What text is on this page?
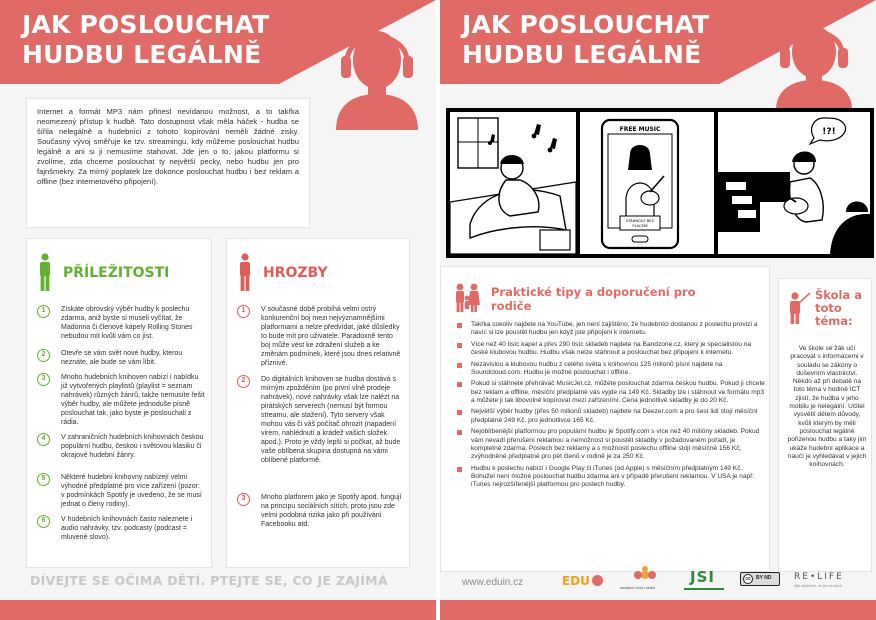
JAK POSLOUCHAT
HUDBU LEGÁLNĚ

Internet a formát MP3 nám přinesl nevídanou možnost, a to takřka neomezený přístup k hudbě. Tato dostupnost však měla háček - hudba se šířila nelegálně a hudebníci z tohoto kopírování neměli žádné zisky. Současný vývoj směřuje ke tzv. streamingu, kdy můžeme poslouchat hudbu legálně a ani si ji nemusíme stahovat. Jde jen o to, jakou platformu si zvolíme, zda chceme poslouchat ty největší pecky, nebo hudbu jen pro fajnšmekry. Za mírný poplatek lze dokonce poslouchat hudbu i bez reklam a offline (bez internetového připojení).

PŘÍLEŽITOSTI
1	Získáte obrovský výběr hudby k poslechu zdarma, aniž byste si museli vyčítat, že Madonna či členové kapely Rolling Stones nebudou mít kvůli vám co jíst.
2	Otevře se vám svět nové hudby, kterou neznáte, ale bude se vám líbit.
3	Mnoho hudebních knihoven nabízí i nabídku již vytvořených playlistů (playlist = seznam nahrávek) různých žánrů, takže nemusíte řešit výběr hudby, ale můžete jednoduše písně poslouchat tak, jako byste je poslouchali z rádia.
4	V zahraničních hudebních knihovnách českou populární hudbu, českou i světovou klasiku či okrajové hudební žánry.
5	Některé hudební knihovny nabízejí velmi výhodné předplatné pro více zařízení (pozor: v podmínkách Spotify je uvedeno, že se musí jednat o členy rodiny).
6	V hudebních knihovnách často naleznete i audio nahrávky, tzv. podcasty (podcast = mluvené slovo).
HROZBY
1	V současné době probíhá velmi ostrý konkurenční boj mezi nejvýznamnějšími platformami a nelze předvídat, jaké důsledky to bude mít pro uživatele. Paradoxně tento boj může vést ke zdražení služeb a ke změnám podmínek, které jsou dnes relativně příznivé.
2	Do digitálních knihoven se hudba dostává s mírným zpožděním (po první vlně prodeje nahrávek), nové nahrávky však lze nalézt na pirátských serverech (nemusí být formou streamu, ale stažení). Tyto servery však mohou vás či váš počítač ohrozit (napadení virem, nahlédnutí a krádež vašich složek apod.). Proto je vždy lepší si počkat, až bude vaše oblíbená skupina dostupná na vámi oblíbené platformě.
3	Mnoho platforem jako je Spotify apod. fungují na principu sociálních sítích, proto jsou zde velmi podobná rizika jako při používání Facebooku atd.
DÍVEJTE SE OČIMA DĚTÍ. PTEJTE SE, CO JE ZAJÍMÁ
JAK POSLOUCHAT
HUDBU LEGÁLNĚ
FREE MUSIC
STÁHNOUT BEZ
PLACENÍ
!?!
Praktické tipy a doporučení pro rodiče
Takřka cokoliv najdete na YouTube, jen není zajištěno, že hudebníci dostanou z poslechu provizi a navíc si lze poustět hudbu jen když jste připojeni k internetu.
Více než 40 tisíc kapel a přes 290 tisíc skladeb najdete na Bandzone.cz, který je specialistou na české klubovou hudbu. Hudbu však nelze stáhnout a poslouchat bez připojení k internetu.
Nezávislou a klubovou hudbu z celého světa s knihovnou 125 milionů písní najdete na Soundcloud.com. Hudbu je možné poslouchat i offline.
Pokud si stáhnete přehrávač MusicJet.cz, můžete poslouchat zdarma českou hudbu. Pokud ji chcete bez reklam a offline, měsíční předplatné vás vyjde na 149 Kč. Skladby lze i stáhnout ve formátu mp3 a můžete ji tak libovolně kopírovat mezi zařízeními. Cena jednotlivé skladby je do 20 Kč.
Největší výběr hudby (přes 50 milionů skladeb) najdete na Deezer.com a pro šest lidí stojí měsíční předplatné 249 Kč, pro jednotlivce 165 Kč.
Nejoblíbenější platformou pro populární hudbu je Spotify.com s více než 40 milióny skladeb. Pokud vám nevadí přerušení reklamou a nemožnost si poustět skladby v požadovaném pořadí, je kompletně zdarma. Poslech bez reklamy a s možností poslechu offline stojí měsíčně 156 Kč, zvýhodněné předplatné pro pět členů v rodině je za 250 Kč.
Hudbu k poslechu nabízí i Google Play či iTunes (od Apple) s měsíčním předplatným 149 Kč. Bohužel není možné poslouchat hudbu zdarma ani v případě přerušení reklamou. V USA je např. iTunes nejrozšířenější platformou pro poslech hudby.
Škola a toto téma:
Ve škole se žák učí pracovat s informacemi v souladu se zákony o duševním vlastnictví. Někdo až při debatě na toto téma v hodině ICT zjistí, že hudba v jeho mobilu je nelegální. Učitel vysvětlí dětem důvody, kvůli kterým by měli poslouchat legálně pořizenou hudbu a taky jim ukáže hudební aplikace a naučí je vyhledávat v jejich knihovnách.
www.eduin.cz	EDU	nadační fond rosteš
JSI	cc	BY ND	RE•LIFE
žijte skutečné, ne jen na sítích
